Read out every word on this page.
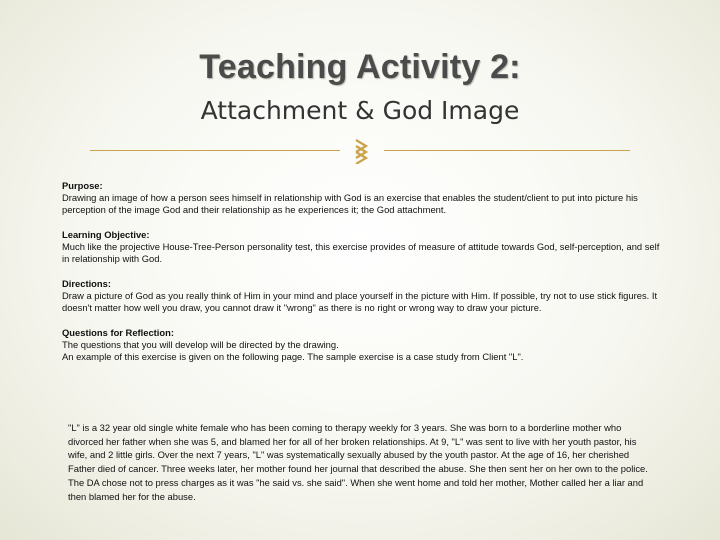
Teaching Activity 2:
Attachment & God Image
Purpose:

Drawing an image of how a person sees himself in relationship with God is an exercise that enables the student/client to put into picture his perception of the image God and their relationship as he experiences it; the God attachment.

Learning Objective:

Much like the projective House-Tree-Person personality test, this exercise provides of measure of attitude towards God, self-perception, and self in relationship with God.

Directions:

Draw a picture of God as you really think of Him in your mind and place yourself in the picture with Him. If possible, try not to use stick figures. It doesn't matter how well you draw, you cannot draw it "wrong" as there is no right or wrong way to draw your picture.

Questions for Reflection:

The questions that you will develop will be directed by the drawing.

An example of this exercise is given on the following page. The sample exercise is a case study from Client "L".

"L" is a 32 year old single white female who has been coming to therapy weekly for 3 years. She was born to a borderline mother who divorced her father when she was 5, and blamed her for all of her broken relationships. At 9, "L" was sent to live with her youth pastor, his wife, and 2 little girls. Over the next 7 years, "L" was systematically sexually abused by the youth pastor. At the age of 16, her cherished Father died of cancer. Three weeks later, her mother found her journal that described the abuse. She then sent her on her own to the police. The DA chose not to press charges as it was "he said vs. she said". When she went home and told her mother, Mother called her a liar and then blamed her for the abuse.
